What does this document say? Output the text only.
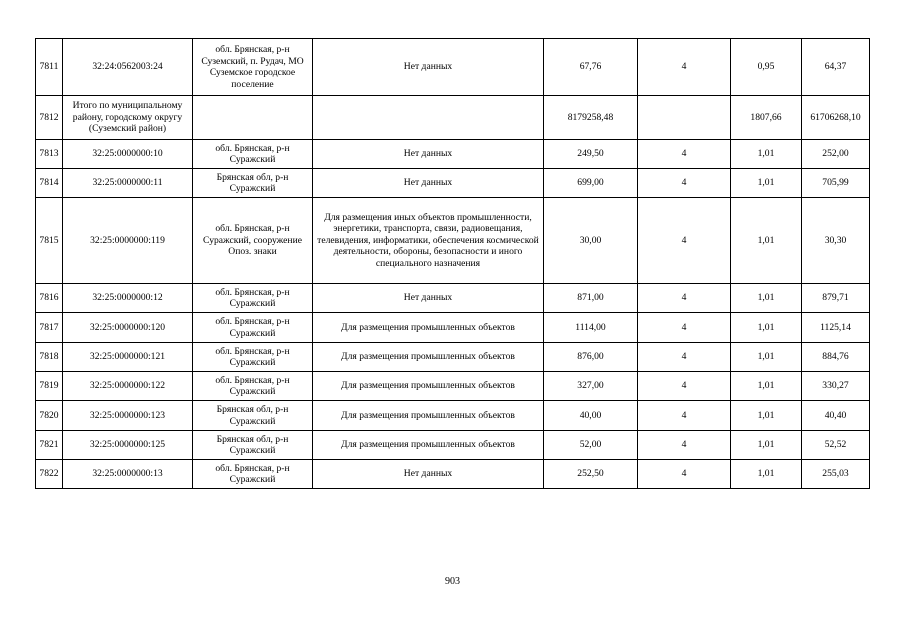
7811	32:24:0562003:24	обл. Брянская, р-н Суземский, п. Рудач, МО Суземское городское поселение	Нет данных	67,76	4	0,95	64,37
7812	Итого по муниципальному району, городскому округу (Суземский район)			8179258,48		1807,66	61706268,10
7813	32:25:0000000:10	обл. Брянская, р-н Суражский	Нет данных	249,50	4	1,01	252,00
7814	32:25:0000000:11	Брянская обл, р-н Суражский	Нет данных	699,00	4	1,01	705,99
7815	32:25:0000000:119	обл. Брянская, р-н Суражский, сооружение Опоз. знаки	Для размещения иных объектов промышленности, энергетики, транспорта, связи, радиовещания, телевидения, информатики, обеспечения космической деятельности, обороны, безопасности и иного специального назначения	30,00	4	1,01	30,30
7816	32:25:0000000:12	обл. Брянская, р-н Суражский	Нет данных	871,00	4	1,01	879,71
7817	32:25:0000000:120	обл. Брянская, р-н Суражский	Для размещения промышленных объектов	1114,00	4	1,01	1125,14
7818	32:25:0000000:121	обл. Брянская, р-н Суражский	Для размещения промышленных объектов	876,00	4	1,01	884,76
7819	32:25:0000000:122	обл. Брянская, р-н Суражский	Для размещения промышленных объектов	327,00	4	1,01	330,27
7820	32:25:0000000:123	Брянская обл, р-н Суражский	Для размещения промышленных объектов	40,00	4	1,01	40,40
7821	32:25:0000000:125	Брянская обл, р-н Суражский	Для размещения промышленных объектов	52,00	4	1,01	52,52
7822	32:25:0000000:13	обл. Брянская, р-н Суражский	Нет данных	252,50	4	1,01	255,03
903
